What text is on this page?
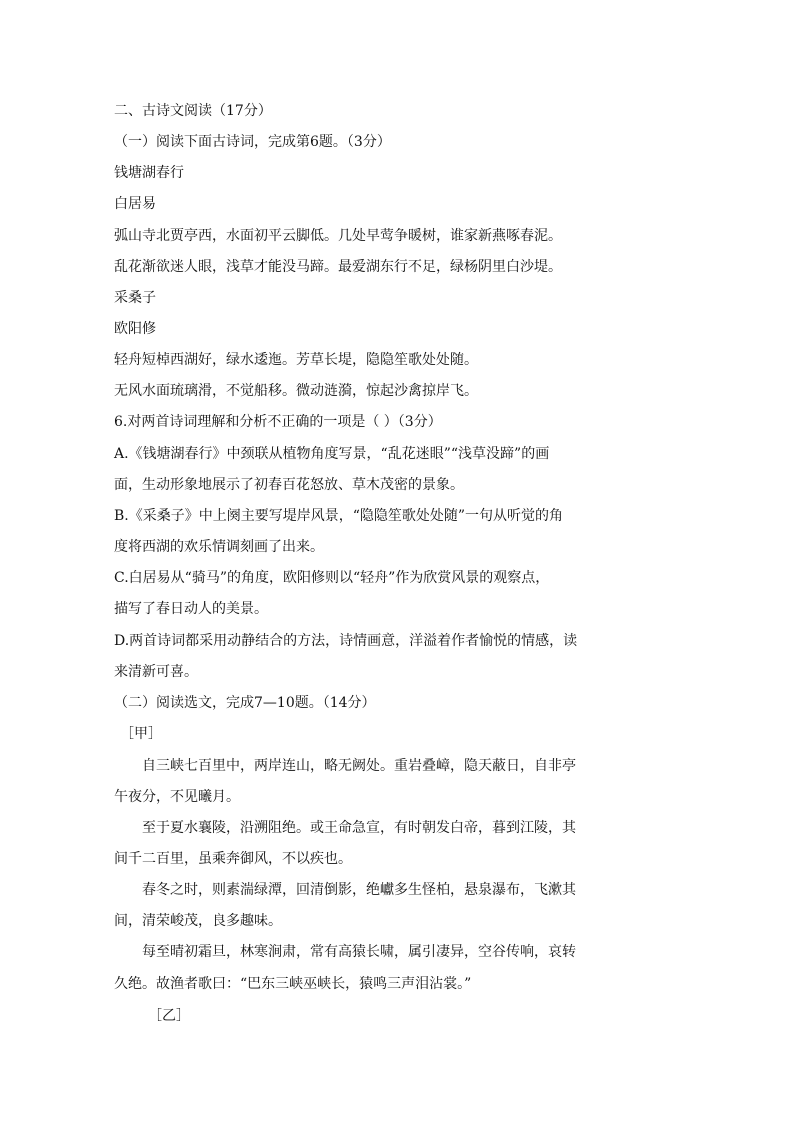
二、古诗文阅读（17分）
（一）阅读下面古诗词，完成第6题。（3分）
钱塘湖春行
白居易
弧山寺北贾亭西，水面初平云脚低。几处早莺争暖树，谁家新燕啄春泥。
乱花渐欲迷人眼，浅草才能没马蹄。最爱湖东行不足，绿杨阴里白沙堤。
采桑子
欧阳修
轻舟短棹西湖好，绿水逶迤。芳草长堤，隐隐笙歌处处随。
无风水面琉璃滑，不觉船移。微动涟漪，惊起沙禽掠岸飞。
6.对两首诗词理解和分析不正确的一项是（ ）（3分）
A.《钱塘湖春行》中颈联从植物角度写景，“乱花迷眼”“浅草没蹄”的画
面，生动形象地展示了初春百花怒放、草木茂密的景象。
B.《采桑子》中上阕主要写堤岸风景，“隐隐笙歌处处随”一句从听觉的角
度将西湖的欢乐情调刻画了出来。
C.白居易从“骑马”的角度，欧阳修则以“轻舟”作为欣赏风景的观察点，
描写了春日动人的美景。
D.两首诗词都采用动静结合的方法，诗情画意，洋溢着作者愉悦的情感，读
来清新可喜。
（二）阅读选文，完成7—10题。（14分）
［甲］
自三峡七百里中，两岸连山，略无阙处。重岩叠嶂，隐天蔽日，自非亭
午夜分，不见曦月。
至于夏水襄陵，沿溯阻绝。或王命急宣，有时朝发白帝，暮到江陵，其
间千二百里，虽乘奔御风，不以疾也。
春冬之时，则素湍绿潭，回清倒影，绝巘多生怪柏，悬泉瀑布，飞漱其
间，清荣峻茂，良多趣味。
每至晴初霜旦，林寒涧肃，常有高猿长啸，属引凄异，空谷传响，哀转
久绝。故渔者歌曰：“巴东三峡巫峡长，猿鸣三声泪沾裳。”
［乙］
